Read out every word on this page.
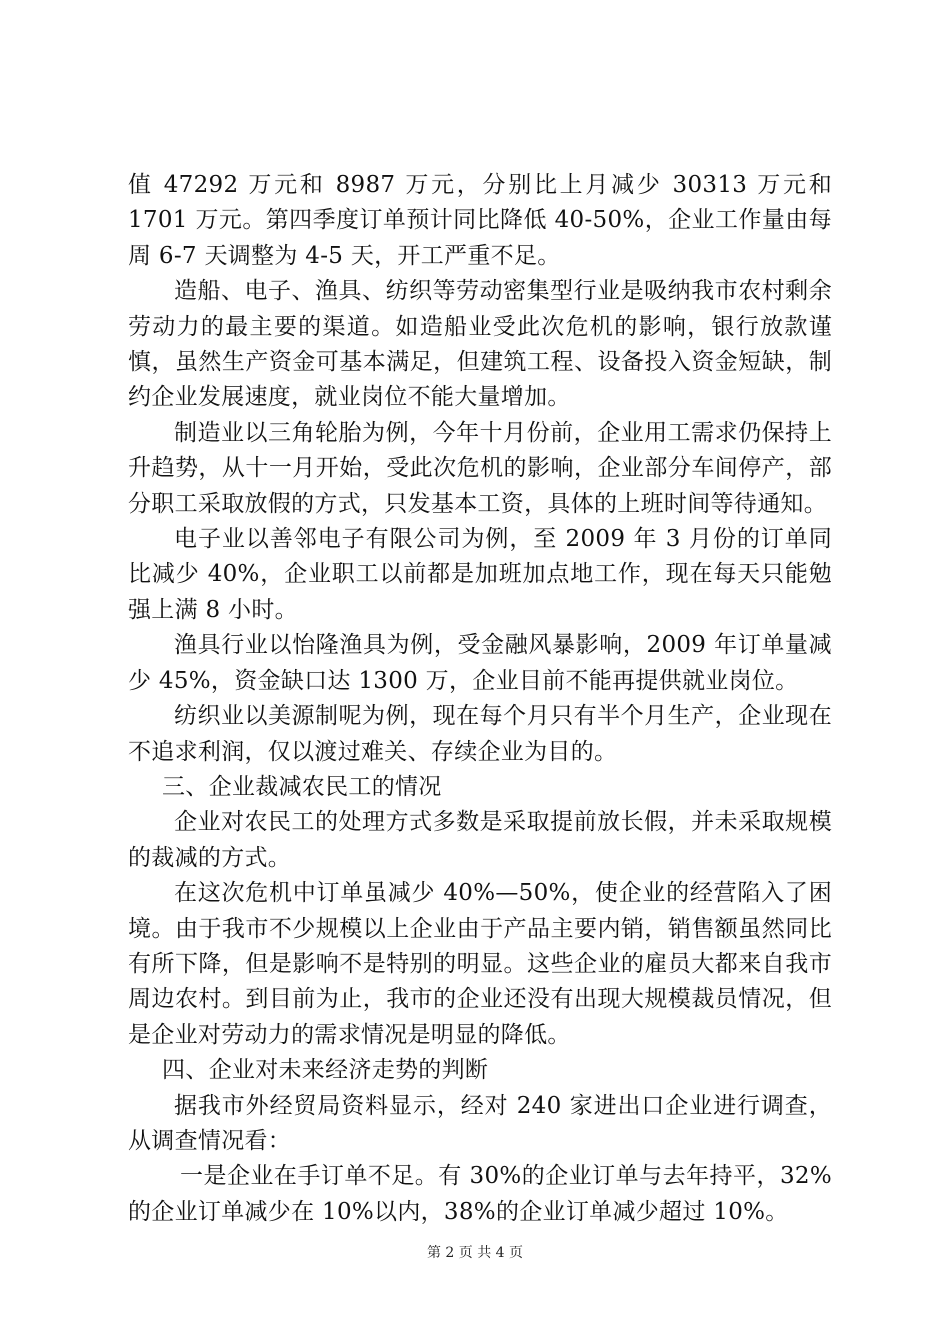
值 47292 万元和 8987 万元，分别比上月减少 30313 万元和 1701 万元。第四季度订单预计同比降低 40-50%，企业工作量由每周 6-7 天调整为 4-5 天，开工严重不足。

造船、电子、渔具、纺织等劳动密集型行业是吸纳我市农村剩余劳动力的最主要的渠道。如造船业受此次危机的影响，银行放款谨慎，虽然生产资金可基本满足，但建筑工程、设备投入资金短缺，制约企业发展速度，就业岗位不能大量增加。

制造业以三角轮胎为例，今年十月份前，企业用工需求仍保持上升趋势，从十一月开始，受此次危机的影响，企业部分车间停产，部分职工采取放假的方式，只发基本工资，具体的上班时间等待通知。

电子业以善邻电子有限公司为例，至 2009 年 3 月份的订单同比减少 40%，企业职工以前都是加班加点地工作，现在每天只能勉强上满 8 小时。

渔具行业以怡隆渔具为例，受金融风暴影响，2009 年订单量减少 45%，资金缺口达 1300 万，企业目前不能再提供就业岗位。

纺织业以美源制呢为例，现在每个月只有半个月生产，企业现在不追求利润，仅以渡过难关、存续企业为目的。

三、企业裁减农民工的情况

企业对农民工的处理方式多数是采取提前放长假，并未采取规模的裁减的方式。

在这次危机中订单虽减少 40%—50%，使企业的经营陷入了困境。由于我市不少规模以上企业由于产品主要内销，销售额虽然同比有所下降，但是影响不是特别的明显。这些企业的雇员大都来自我市周边农村。到目前为止，我市的企业还没有出现大规模裁员情况，但是企业对劳动力的需求情况是明显的降低。

四、企业对未来经济走势的判断

据我市外经贸局资料显示，经对 240 家进出口企业进行调查，从调查情况看：

一是企业在手订单不足。有 30%的企业订单与去年持平，32%的企业订单减少在 10%以内，38%的企业订单减少超过 10%。

第 2 页 共 4 页
